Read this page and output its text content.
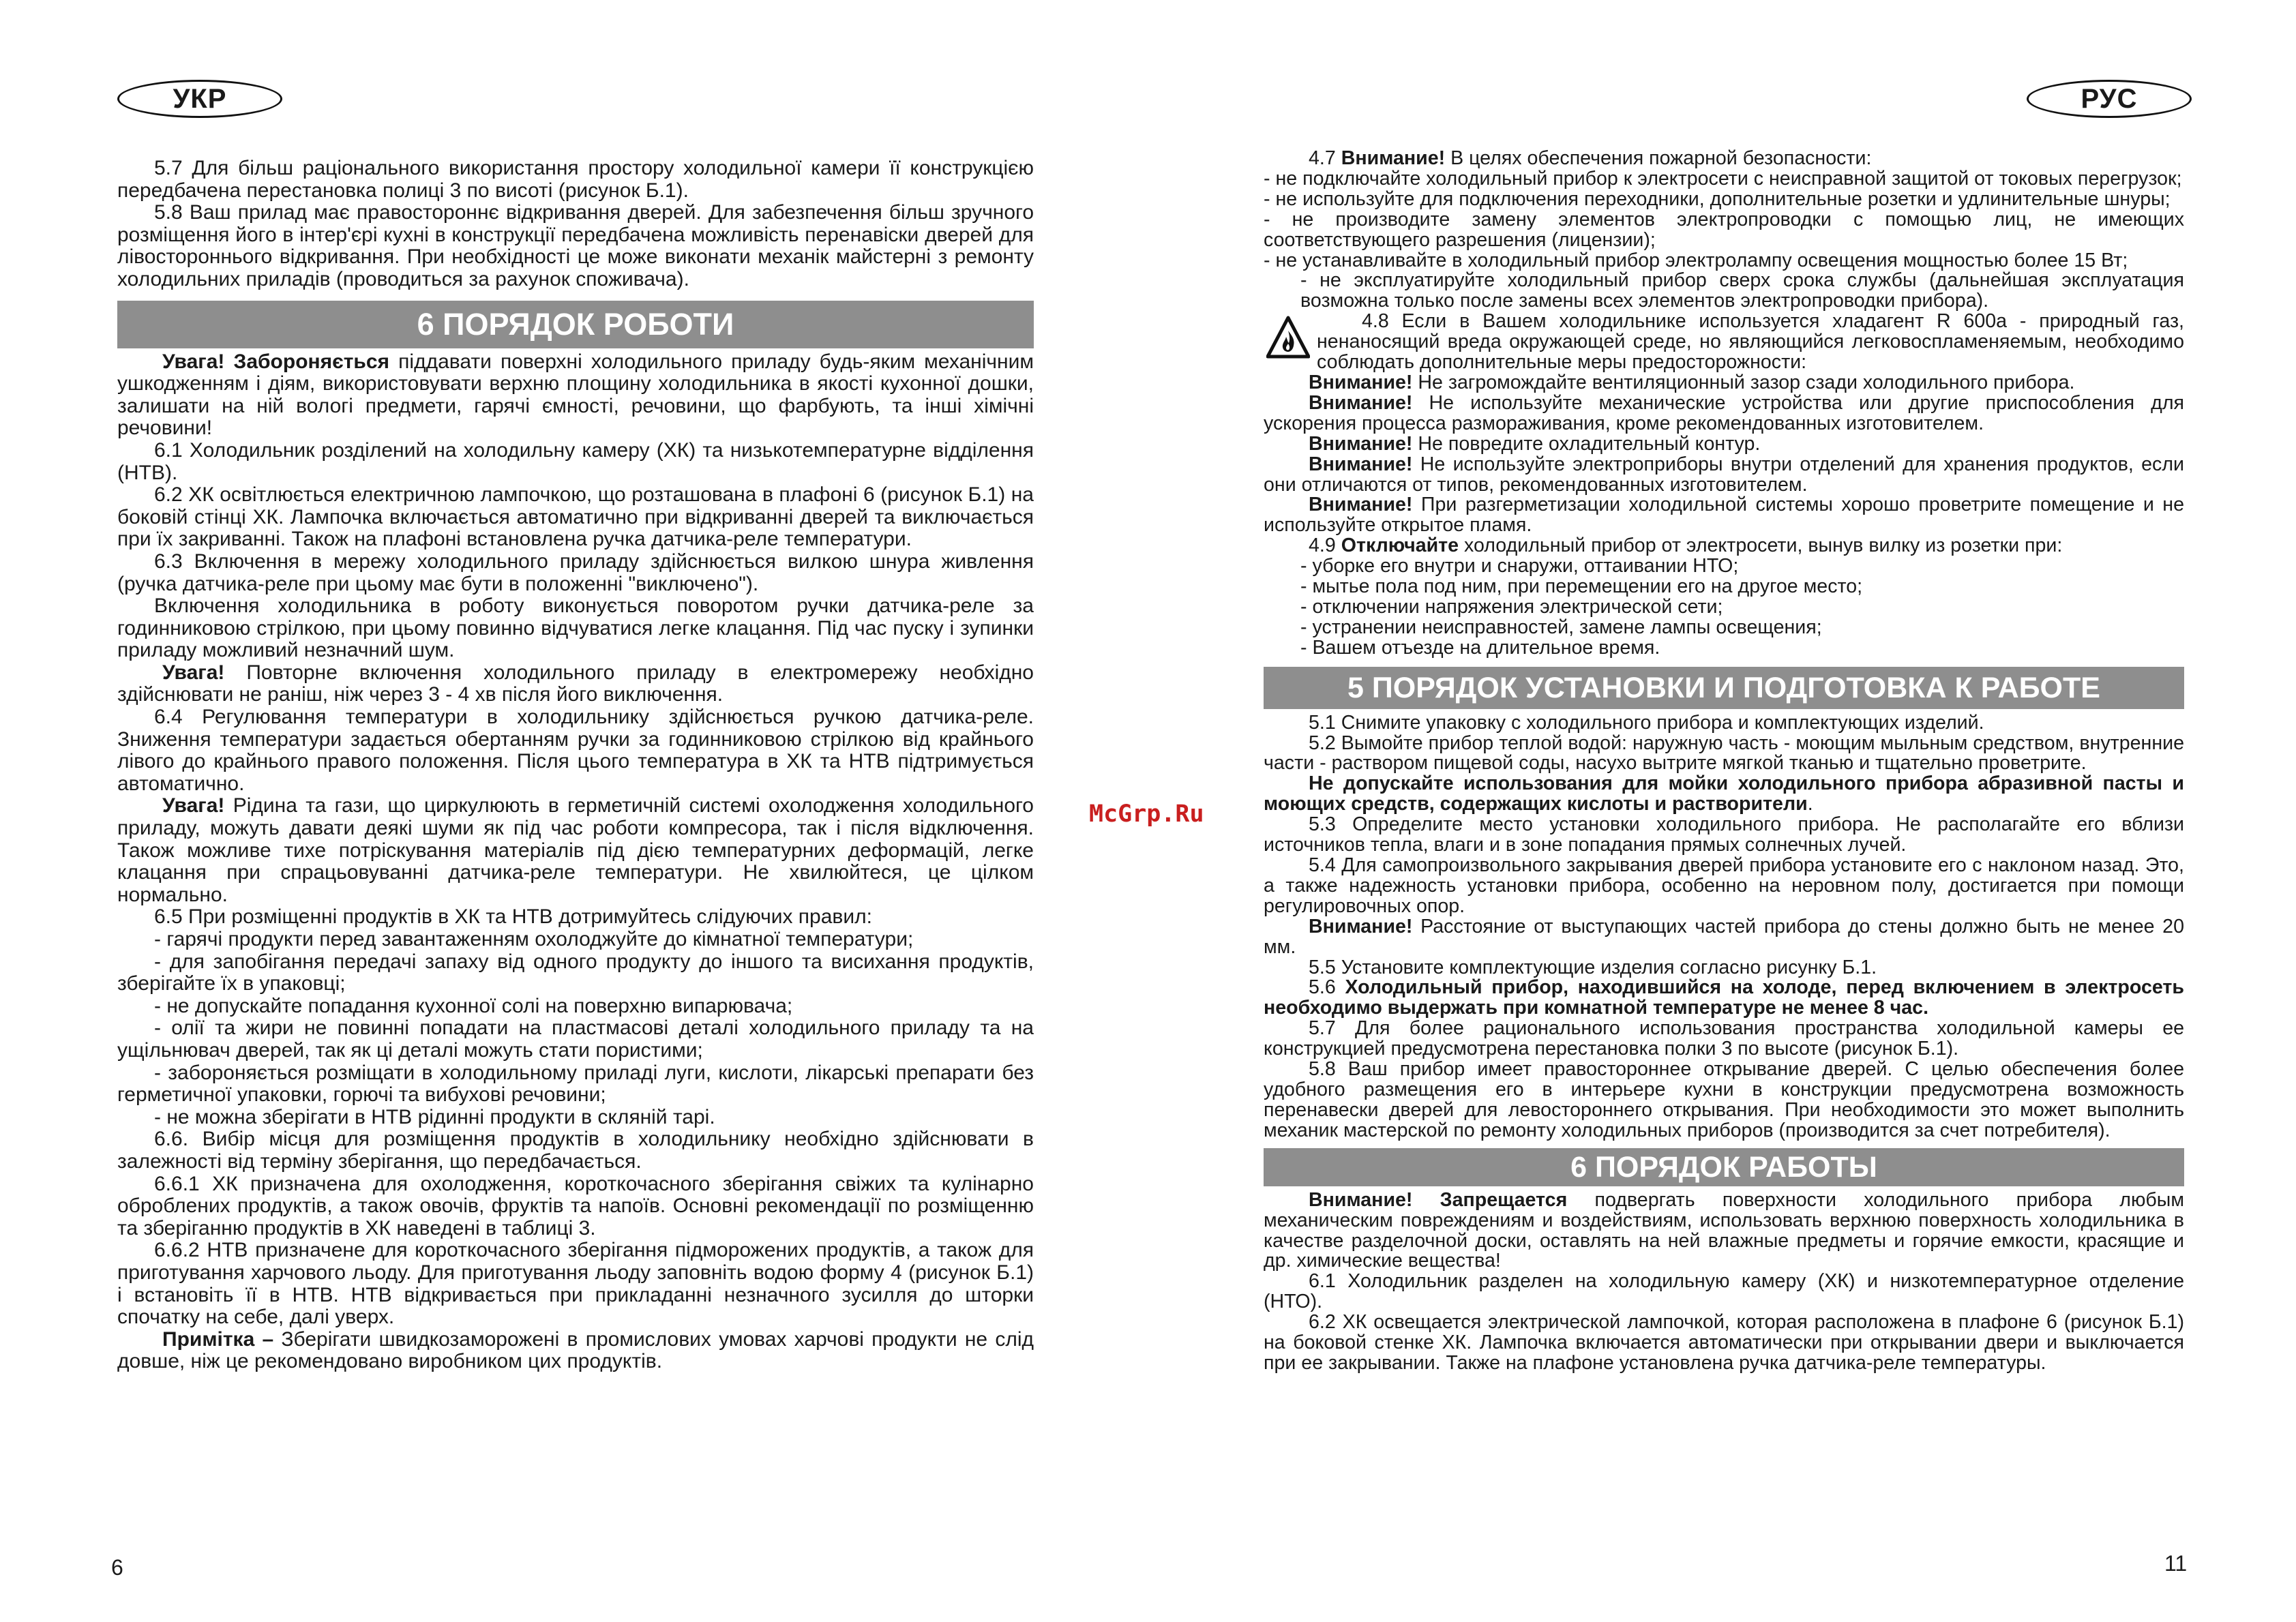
УКР	РУС
McGrp.Ru

5.7 Для більш раціонального використання простору холодильної камери її конструкцією передбачена перестановка полиці 3 по висоті (рисунок Б.1).

5.8 Ваш прилад має правостороннє відкривання дверей. Для забезпечення більш зручного розміщення його в інтер'єрі кухні в конструкції передбачена можливість перенавіски дверей для лівостороннього відкривання. При необхідності це може виконати механік майстерні з ремонту холодильних приладів (проводиться за рахунок споживача).

6 ПОРЯДОК РОБОТИ

Увага! Забороняється піддавати поверхні холодильного приладу будь-яким механічним ушкодженням і діям, використовувати верхню площину холодильника в якості кухонної дошки, залишати на ній вологі предмети, гарячі ємності, речовини, що фарбують, та інші хімічні речовини!

6.1 Холодильник розділений на холодильну камеру (ХК) та низькотемпературне відділення (НТВ).

6.2 ХК освітлюється електричною лампочкою, що розташована в плафоні 6 (рисунок Б.1) на боковій стінці ХК. Лампочка включається автоматично при відкриванні дверей та виключається при їх закриванні. Також на плафоні встановлена ручка датчика-реле температури.

6.3 Включення в мережу холодильного приладу здійснюється вилкою шнура живлення (ручка датчика-реле при цьому має бути в положенні "виключено").

Включення холодильника в роботу виконується поворотом ручки датчика-реле за годинниковою стрілкою, при цьому повинно відчуватися легке клацання. Під час пуску і зупинки приладу можливий незначний шум.

Увага! Повторне включення холодильного приладу в електромережу необхідно здійснювати не раніш, ніж через 3 - 4 хв після його виключення.

6.4 Регулювання температури в холодильнику здійснюється ручкою датчика-реле. Зниження температури задається обертанням ручки за годинниковою стрілкою від крайнього лівого до крайнього правого положення. Після цього температура в ХК та НТВ підтримується автоматично.

Увага! Рідина та гази, що циркулюють в герметичній системі охолодження холодильного приладу, можуть давати деякі шуми як під час роботи компресора, так і після відключення. Також можливе тихе потріскування матеріалів під дією температурних деформацій, легке клацання при спрацьовуванні датчика-реле температури. Не хвилюйтеся, це цілком нормально.

6.5 При розміщенні продуктів в ХК та НТВ дотримуйтесь слідуючих правил:

- гарячі продукти перед завантаженням охолоджуйте до кімнатної температури;

- для запобігання передачі запаху від одного продукту до іншого та висихання продуктів, зберігайте їх в упаковці;

- не допускайте попадання кухонної солі на поверхню випарювача;

- олії та жири не повинні попадати на пластмасові деталі холодильного приладу та на ущільнювач дверей, так як ці деталі можуть стати пористими;

- забороняється розміщати в холодильному приладі луги, кислоти, лікарські препарати без герметичної упаковки, горючі та вибухові речовини;

- не можна зберігати в НТВ рідинні продукти в скляній тарі.

6.6. Вибір місця для розміщення продуктів в холодильнику необхідно здійснювати в залежності від терміну зберігання, що передбачається.

6.6.1 ХК призначена для охолодження, короткочасного зберігання свіжих та кулінарно оброблених продуктів, а також овочів, фруктів та напоїв. Основні рекомендації по розміщенню та зберіганню продуктів в ХК наведені в таблиці 3.

6.6.2 НТВ призначене для короткочасного зберігання підморожених продуктів, а також для приготування харчового льоду. Для приготування льоду заповніть водою форму 4 (рисунок Б.1) і встановіть її в НТВ. НТВ відкривається при прикладанні незначного зусилля до шторки спочатку на себе, далі уверх.

Примітка – Зберігати швидкозаморожені в промислових умовах харчові продукти не слід довше, ніж це рекомендовано виробником цих продуктів.

4.7 Внимание! В целях обеспечения пожарной безопасности:

- не подключайте холодильный прибор к электросети с неисправной защитой от токовых перегрузок;

- не используйте для подключения переходники, дополнительные розетки и удлинительные шнуры;

- не производите замену элементов электропроводки с помощью лиц, не имеющих соответствующего разрешения (лицензии);

- не устанавливайте в холодильный прибор электролампу освещения мощностью более 15 Вт;

- не эксплуатируйте холодильный прибор сверх срока службы (дальнейшая эксплуатация возможна только после замены всех элементов электропроводки прибора).

4.8 Если в Вашем холодильнике используется хладагент R 600a - природный газ, ненаносящий вреда окружающей среде, но являющийся легковоспламеняемым, необходимо соблюдать дополнительные меры предосторожности:

Внимание! Не загромождайте вентиляционный зазор сзади холодильного прибора.

Внимание! Не используйте механические устройства или другие приспособления для ускорения процесса размораживания, кроме рекомендованных изготовителем.

Внимание! Не повредите охладительный контур.

Внимание! Не используйте электроприборы внутри отделений для хранения продуктов, если они отличаются от типов, рекомендованных изготовителем.

Внимание! При разгерметизации холодильной системы хорошо проветрите помещение и не используйте открытое пламя.

4.9 Отключайте холодильный прибор от электросети, вынув вилку из розетки при:

- уборке его внутри и снаружи, оттаивании НТО;

- мытье пола под ним, при перемещении его на другое место;

- отключении напряжения электрической сети;

- устранении неисправностей, замене лампы освещения;

- Вашем отъезде на длительное время.

5 ПОРЯДОК УСТАНОВКИ И ПОДГОТОВКА К РАБОТЕ

5.1 Снимите упаковку с холодильного прибора и комплектующих изделий.

5.2 Вымойте прибор теплой водой: наружную часть - моющим мыльным средством, внутренние части - раствором пищевой соды, насухо вытрите мягкой тканью и тщательно проветрите.

Не допускайте использования для мойки холодильного прибора абразивной пасты и моющих средств, содержащих кислоты и растворители.

5.3 Определите место установки холодильного прибора. Не располагайте его вблизи источников тепла, влаги и в зоне попадания прямых солнечных лучей.

5.4 Для самопроизвольного закрывания дверей прибора установите его с наклоном назад. Это, а также надежность установки прибора, особенно на неровном полу, достигается при помощи регулировочных опор.

Внимание! Расстояние от выступающих частей прибора до стены должно быть не менее 20 мм.

5.5 Установите комплектующие изделия согласно рисунку Б.1.

5.6 Холодильный прибор, находившийся на холоде, перед включением в электросеть необходимо выдержать при комнатной температуре не менее 8 час.

5.7 Для более рационального использования пространства холодильной камеры ее конструкцией предусмотрена перестановка полки 3 по высоте (рисунок Б.1).

5.8 Ваш прибор имеет правостороннее открывание дверей. С целью обеспечения более удобного размещения его в интерьере кухни в конструкции предусмотрена возможность перенавески дверей для левостороннего открывания. При необходимости это может выполнить механик мастерской по ремонту холодильных приборов (производится за счет потребителя).

6 ПОРЯДОК РАБОТЫ

Внимание! Запрещается подвергать поверхности холодильного прибора любым механическим повреждениям и воздействиям, использовать верхнюю поверхность холодильника в качестве разделочной доски, оставлять на ней влажные предметы и горячие емкости, красящие и др. химические вещества!

6.1 Холодильник разделен на холодильную камеру (ХК) и низкотемпературное отделение (НТО).

6.2 ХК освещается электрической лампочкой, которая расположена в плафоне 6 (рисунок Б.1) на боковой стенке ХК. Лампочка включается автоматически при открывании двери и выключается при ее закрывании. Также на плафоне установлена ручка датчика-реле температуры.

6	11
